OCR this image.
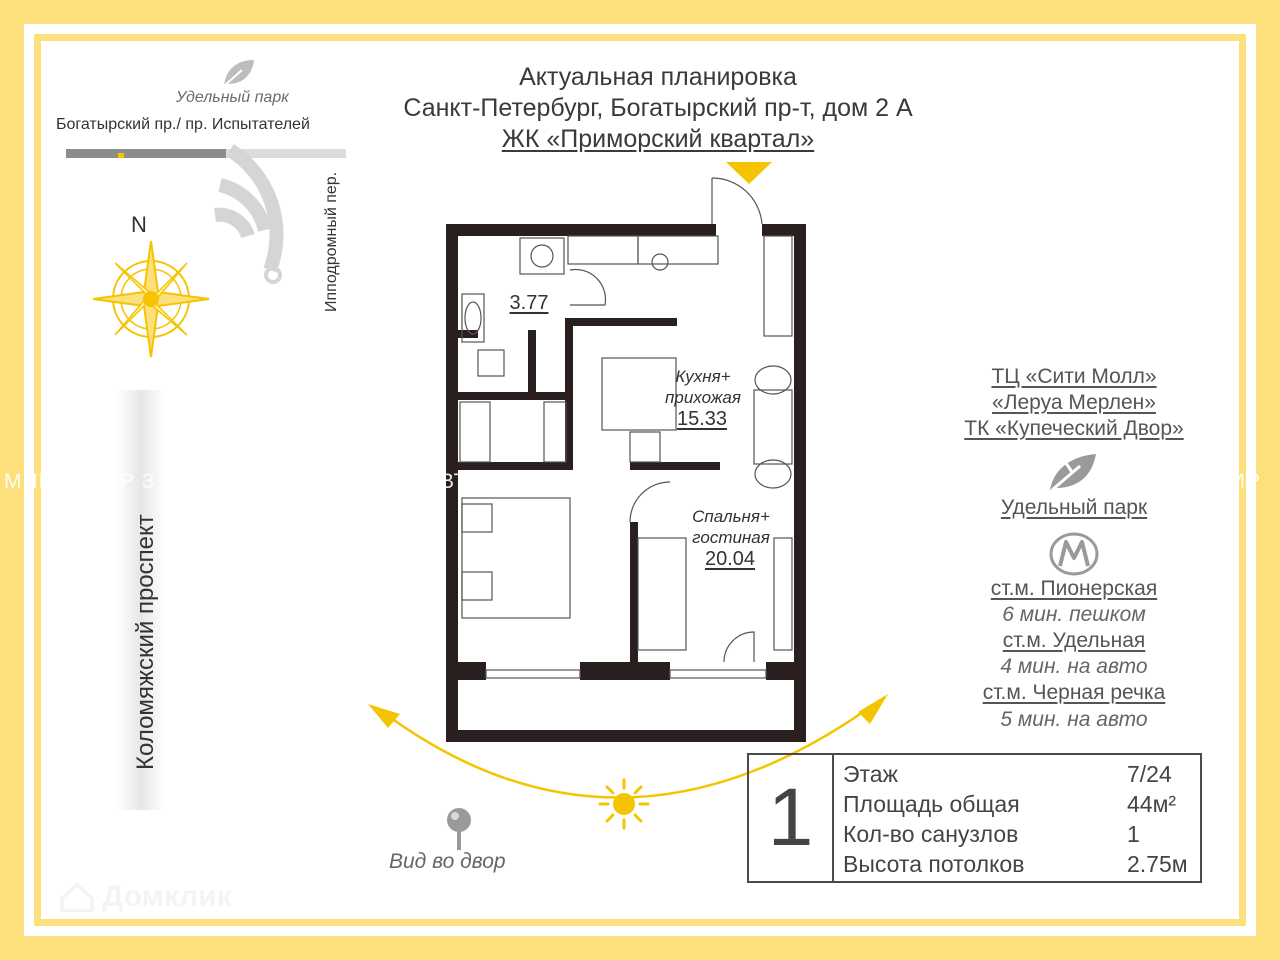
Актуальная планировка
Санкт-Петербург, Богатырский пр-т, дом 2 А
ЖК «Приморский квартал»
Удельный парк
Богатырский пр./ пр. Испытателей
Ипподромный пер.
N
Коломяжский проспект
3.77
Кухня+
прихожая
15.33
Спальня+
гостиная
20.04
Вид во двор
ТЦ «Сити Молл»
«Леруа Мерлен»
ТК «Купеческий Двор»
Удельный парк
ст.м. Пионерская
6 мин. пешком
ст.м. Удельная
4 мин. на авто
ст.м. Черная речка
5 мин. на авто
1	Этаж	7/24
Площадь общая	44м²
Кол-во санузлов	1
Высота потолков	2.75м
МИР ТИР З	ВТ	ТИР З
Домклик
